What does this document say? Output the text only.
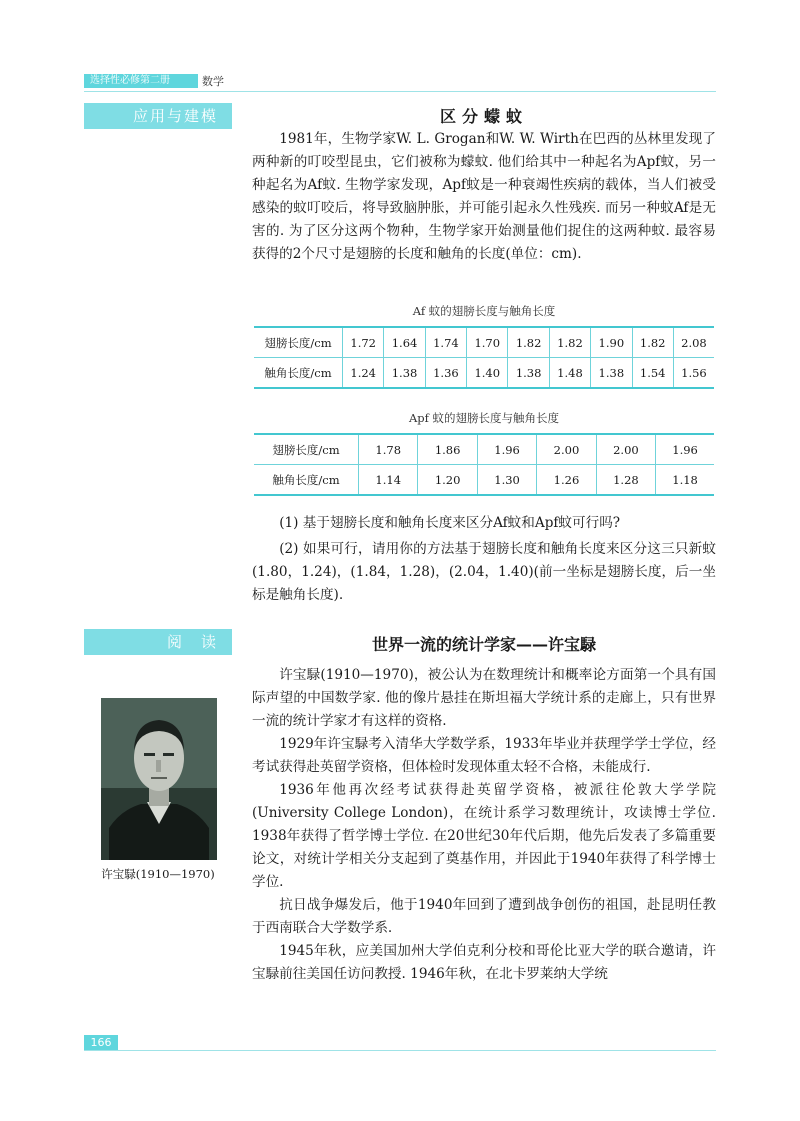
选择性必修第二册	数学
应用与建模	区分蠓蚊

1981年，生物学家W. L. Grogan和W. W. Wirth在巴西的丛林里发现了两种新的叮咬型昆虫，它们被称为蠓蚊. 他们给其中一种起名为Apf蚊，另一种起名为Af蚊. 生物学家发现，Apf蚊是一种衰竭性疾病的载体，当人们被受感染的蚊叮咬后，将导致脑肿胀，并可能引起永久性残疾. 而另一种蚊Af是无害的. 为了区分这两个物种，生物学家开始测量他们捉住的这两种蚊. 最容易获得的2个尺寸是翅膀的长度和触角的长度(单位：cm).

Af 蚊的翅膀长度与触角长度
翅膀长度/cm	1.72	1.64	1.74	1.70	1.82	1.82	1.90	1.82	2.08
触角长度/cm	1.24	1.38	1.36	1.40	1.38	1.48	1.38	1.54	1.56
Apf 蚊的翅膀长度与触角长度
翅膀长度/cm	1.78	1.86	1.96	2.00	2.00	1.96
触角长度/cm	1.14	1.20	1.30	1.26	1.28	1.18

(1) 基于翅膀长度和触角长度来区分Af蚊和Apf蚊可行吗?

(2) 如果可行，请用你的方法基于翅膀长度和触角长度来区分这三只新蚊(1.80，1.24)，(1.84，1.28)，(2.04，1.40)(前一坐标是翅膀长度，后一坐标是触角长度).

阅　读	世界一流的统计学家——许宝騄
许宝騄(1910—1970)

许宝騄(1910—1970)，被公认为在数理统计和概率论方面第一个具有国际声望的中国数学家. 他的像片悬挂在斯坦福大学统计系的走廊上，只有世界一流的统计学家才有这样的资格.

1929年许宝騄考入清华大学数学系，1933年毕业并获理学学士学位，经考试获得赴英留学资格，但体检时发现体重太轻不合格，未能成行.

1936年他再次经考试获得赴英留学资格，被派往伦敦大学学院(University College London)，在统计系学习数理统计，攻读博士学位. 1938年获得了哲学博士学位. 在20世纪30年代后期，他先后发表了多篇重要论文，对统计学相关分支起到了奠基作用，并因此于1940年获得了科学博士学位.

抗日战争爆发后，他于1940年回到了遭到战争创伤的祖国，赴昆明任教于西南联合大学数学系.

1945年秋，应美国加州大学伯克利分校和哥伦比亚大学的联合邀请，许宝騄前往美国任访问教授. 1946年秋，在北卡罗莱纳大学统

166
